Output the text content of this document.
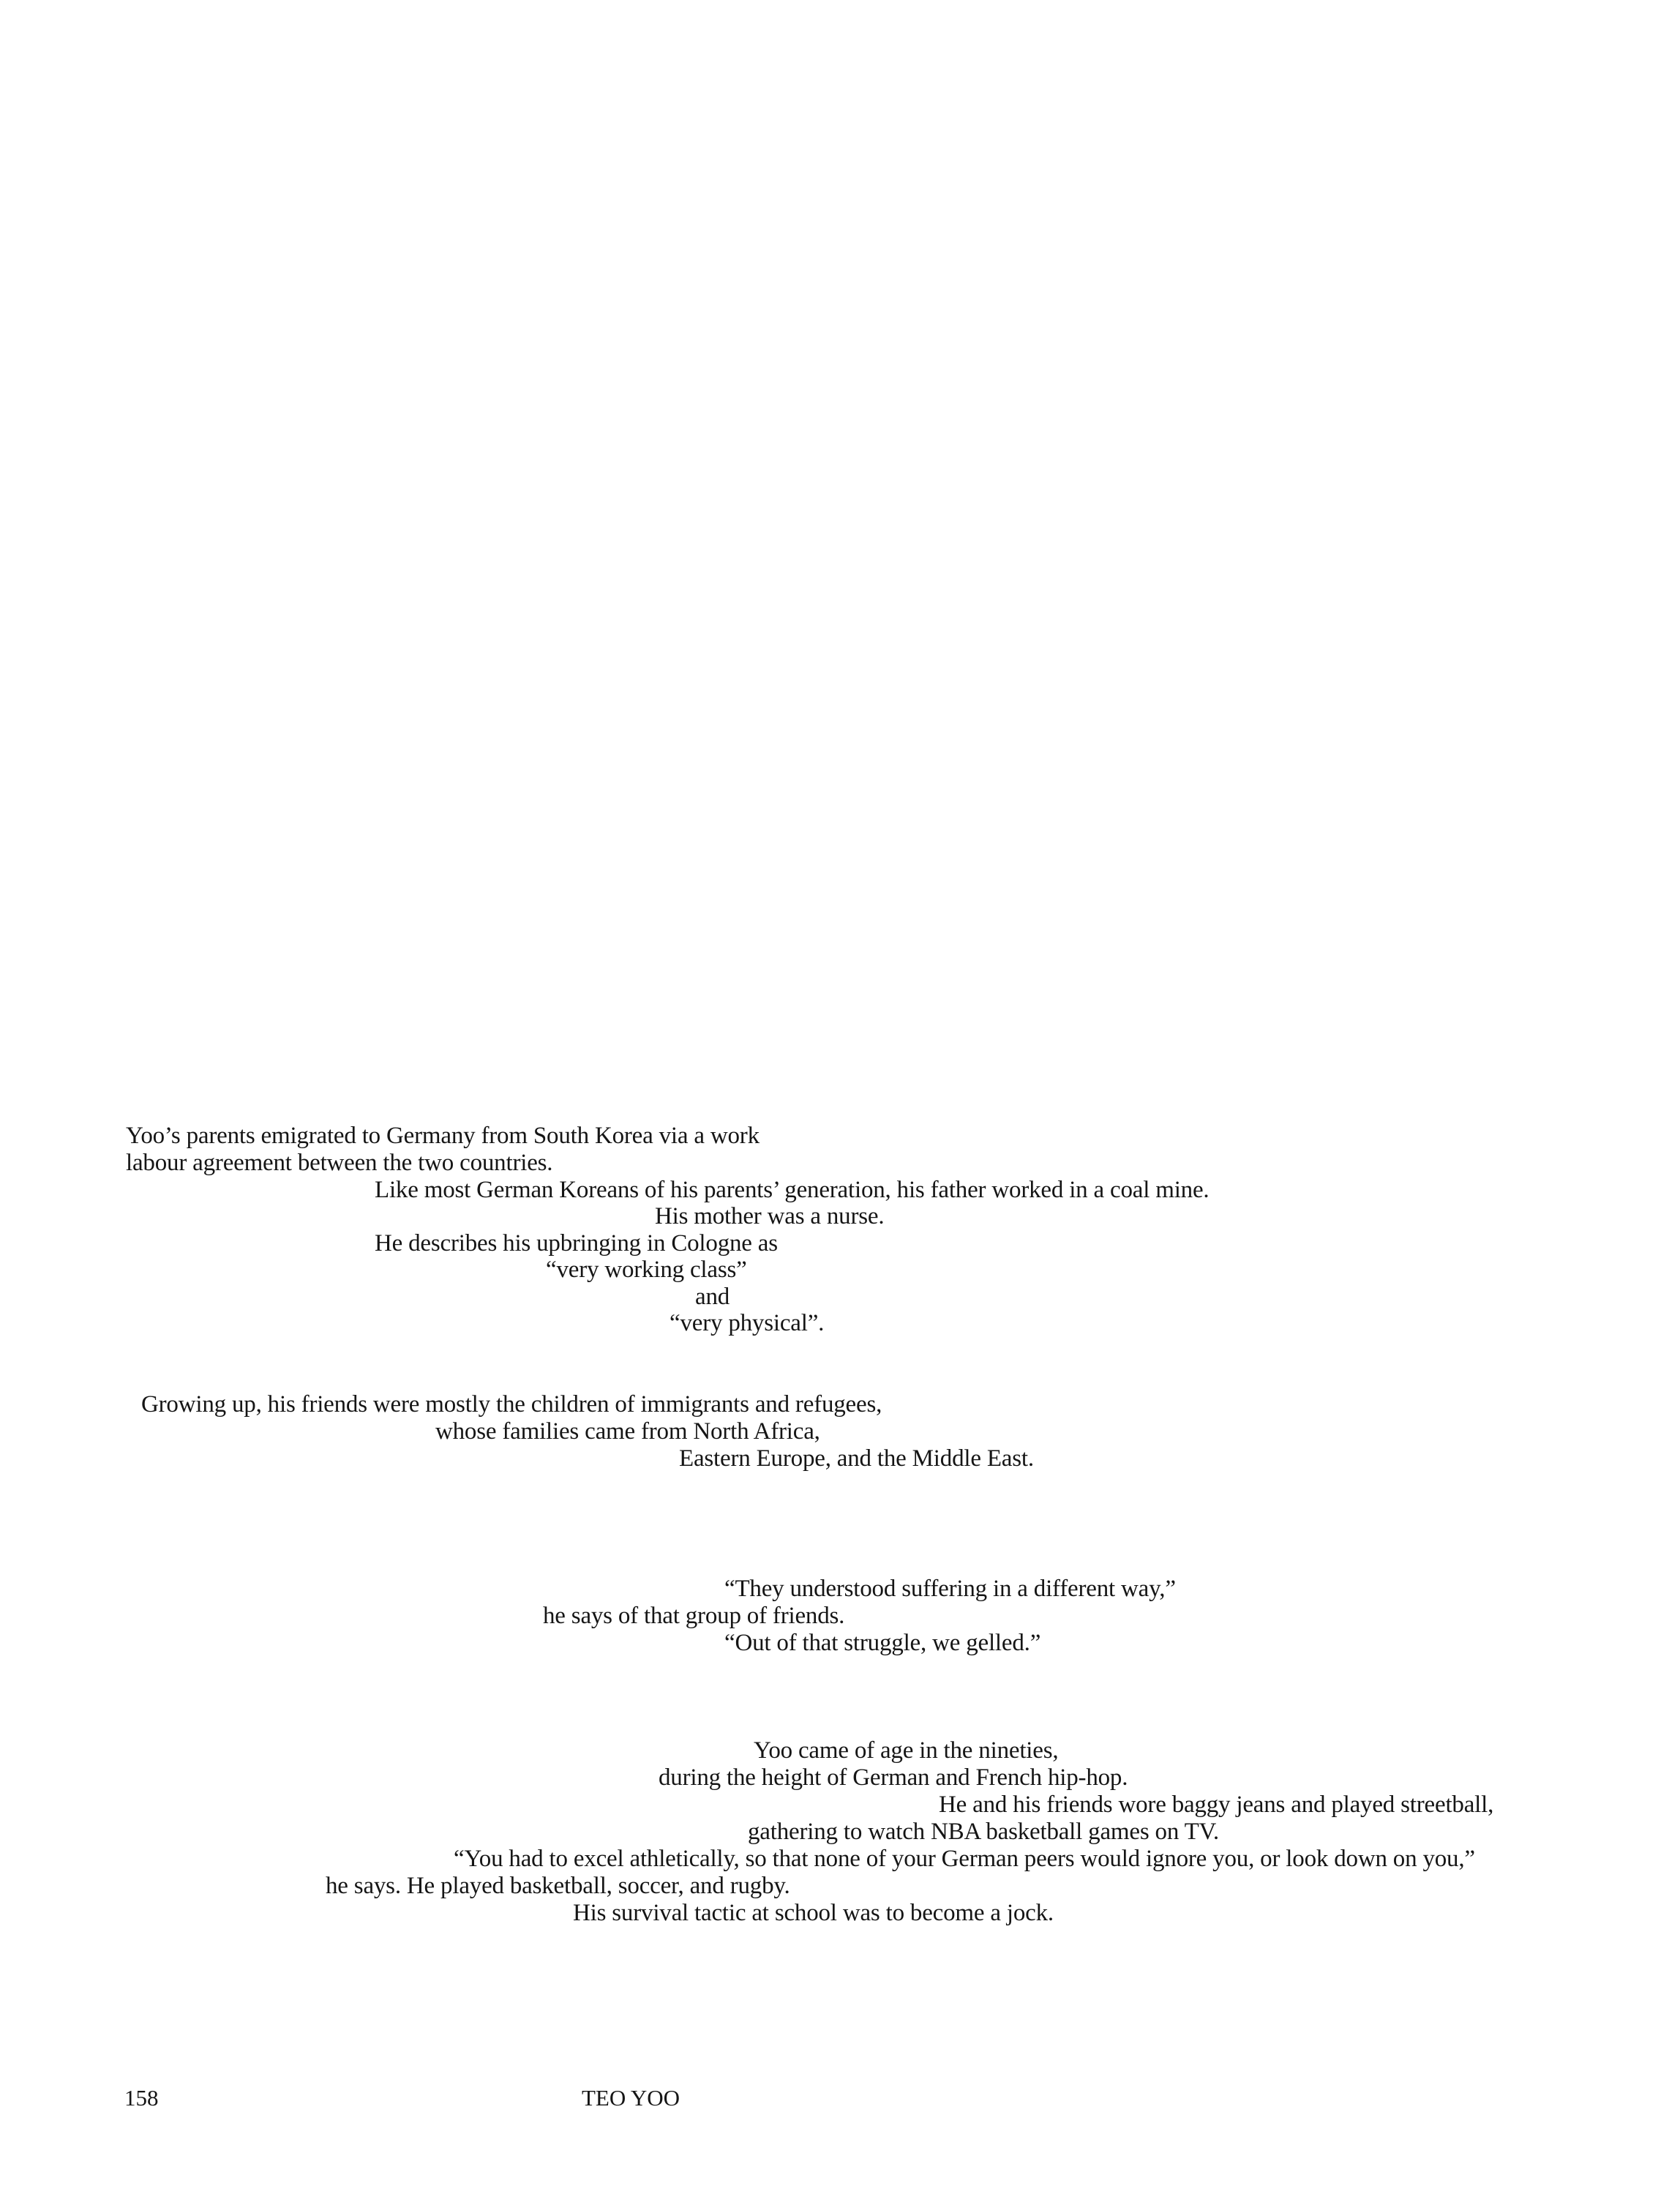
Yoo’s parents emigrated to Germany from South Korea via a work
labour agreement between the two countries.
Like most German Koreans of his parents’ generation, his father worked in a coal mine.
His mother was a nurse.
He describes his upbringing in Cologne as
“very working class”
and
“very physical”.
Growing up, his friends were mostly the children of immigrants and refugees,
whose families came from North Africa,
Eastern Europe, and the Middle East.
“They understood suffering in a different way,”
he says of that group of friends.
“Out of that struggle, we gelled.”
Yoo came of age in the nineties,
during the height of German and French hip-hop.
He and his friends wore baggy jeans and played streetball,
gathering to watch NBA basketball games on TV.
“You had to excel athletically, so that none of your German peers would ignore you, or look down on you,”
he says. He played basketball, soccer, and rugby.
His survival tactic at school was to become a jock.
158	TEO YOO
